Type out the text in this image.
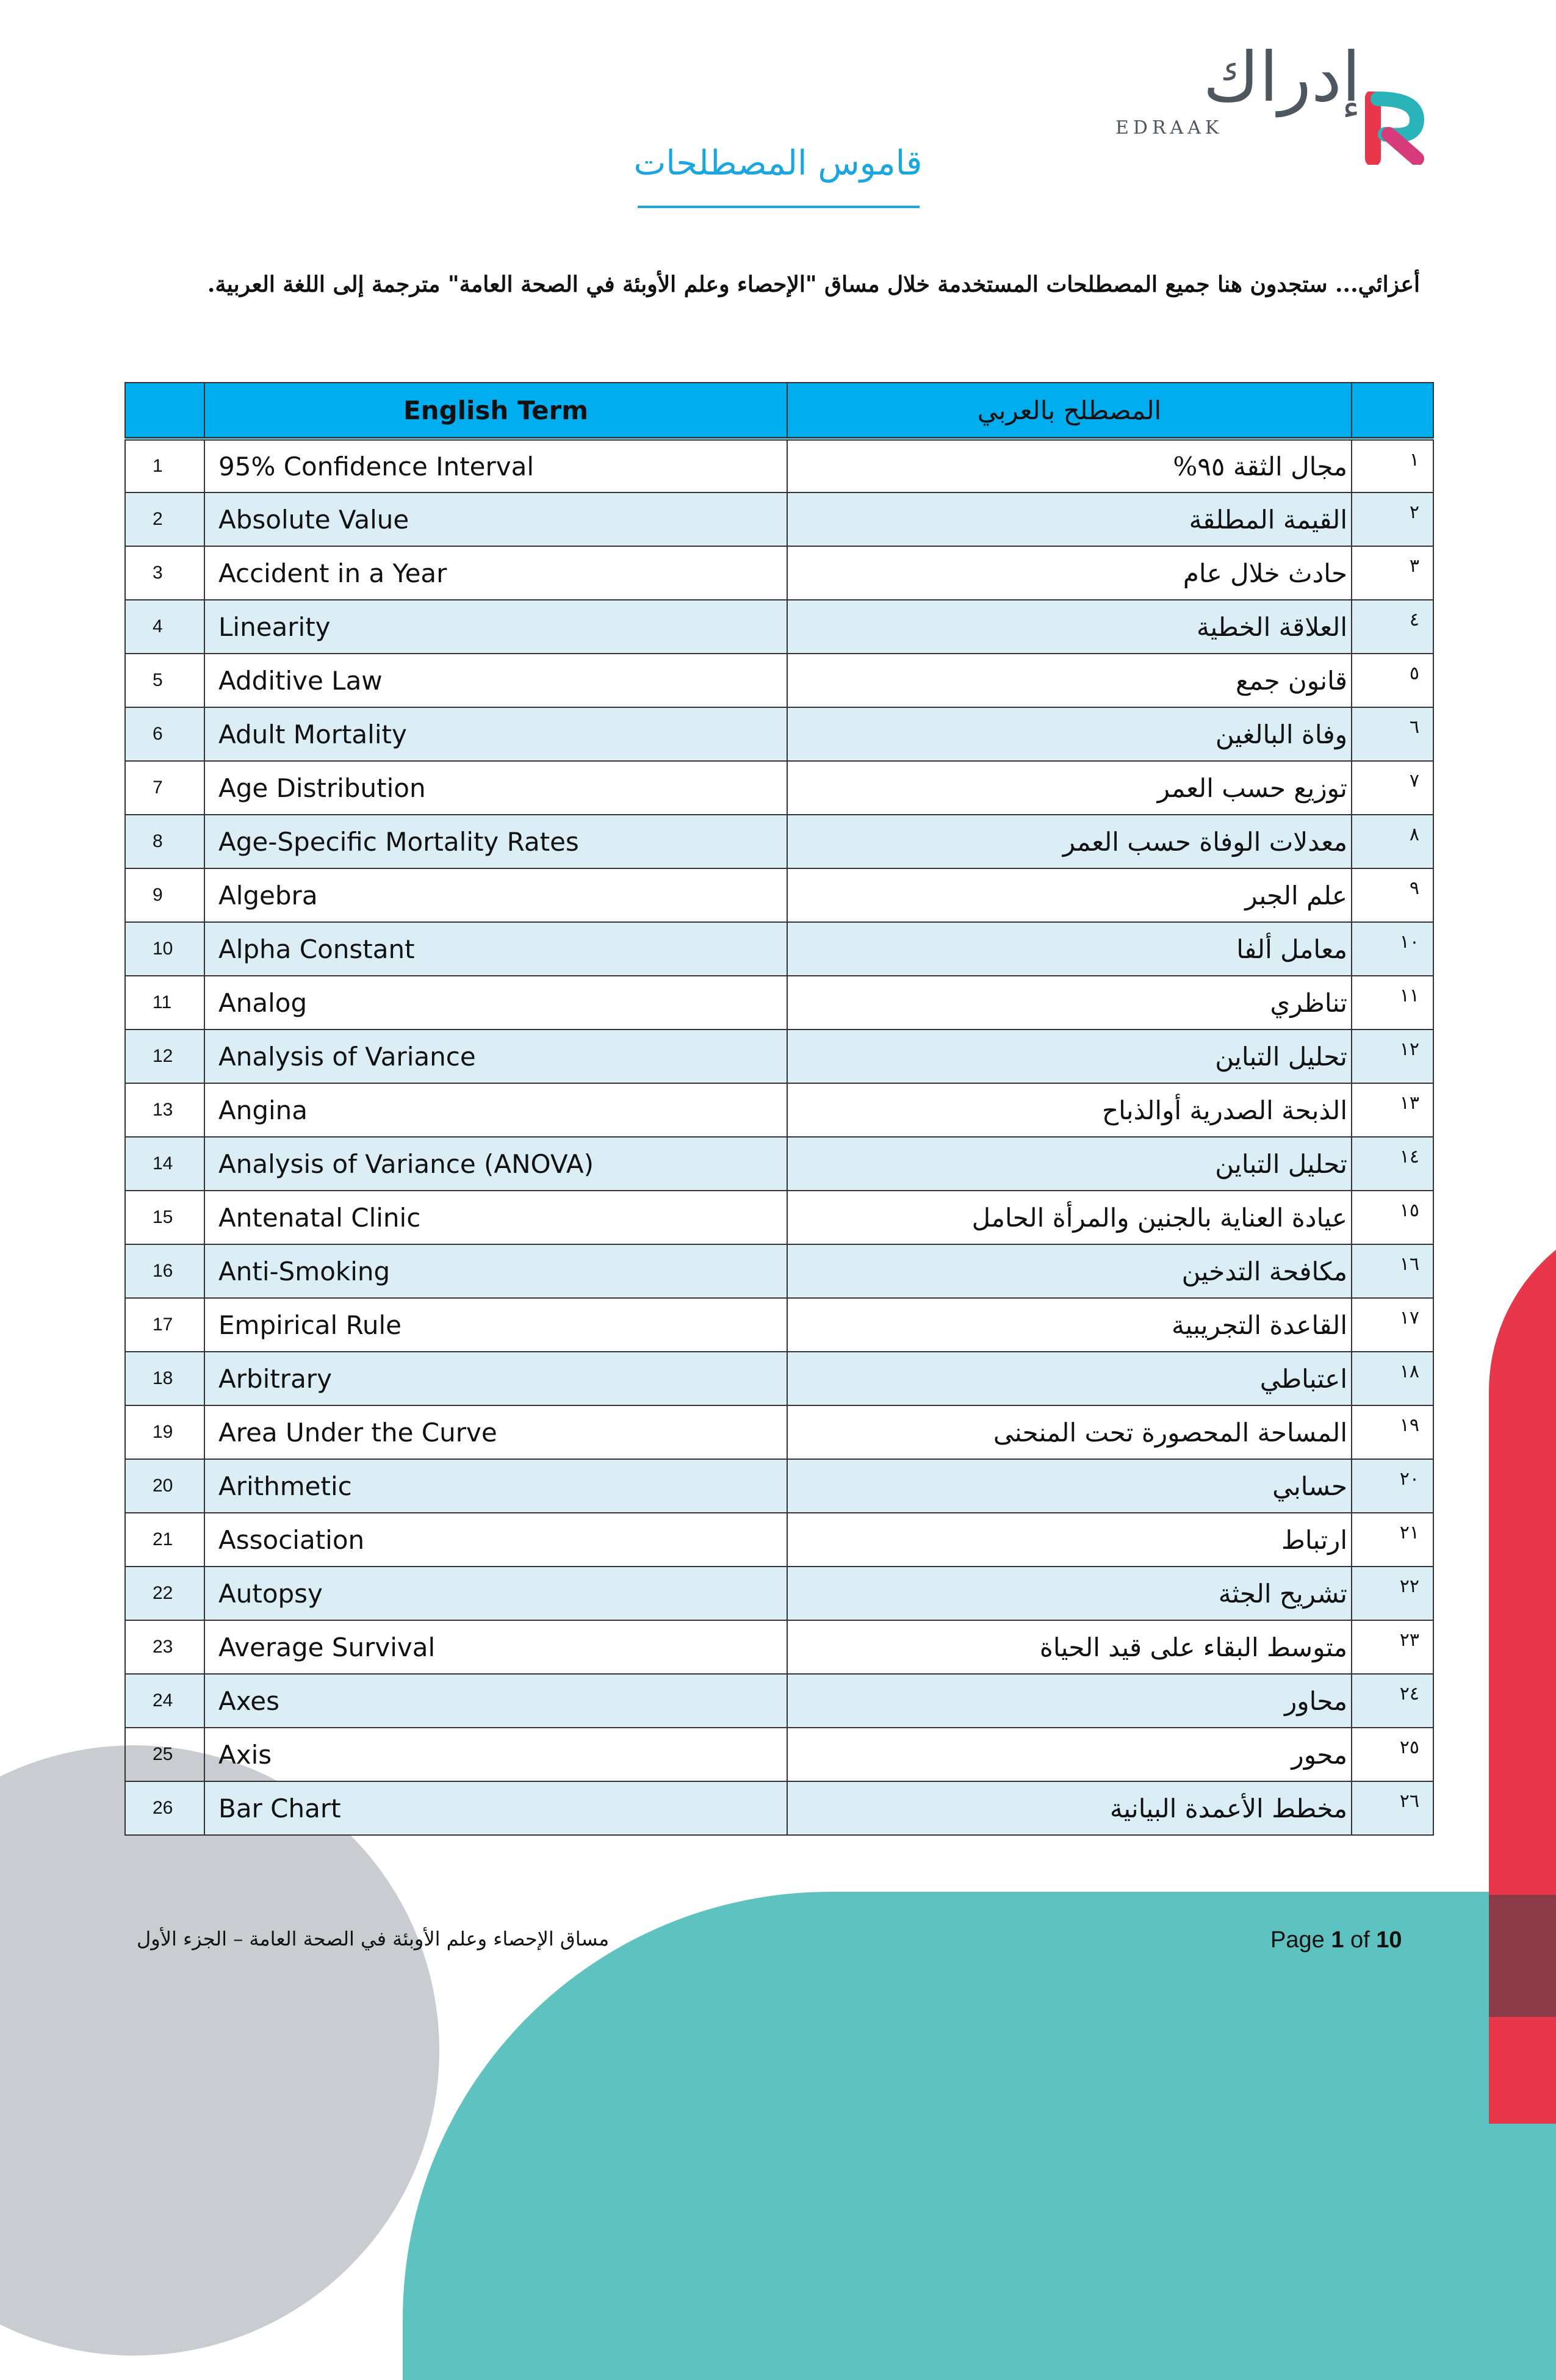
إدراك
EDRAAK
قاموس المصطلحات

أعزائي... ستجدون هنا جميع المصطلحات المستخدمة خلال مساق "الإحصاء وعلم الأوبئة في الصحة العامة" مترجمة إلى اللغة العربية.

	English Term	المصطلح بالعربي	
1	95% Confidence Interval	مجال الثقة ٩٥%	١
2	Absolute Value	القيمة المطلقة	٢
3	Accident in a Year	حادث خلال عام	٣
4	Linearity	العلاقة الخطية	٤
5	Additive Law	قانون جمع	٥
6	Adult Mortality	وفاة البالغين	٦
7	Age Distribution	توزيع حسب العمر	٧
8	Age-Specific Mortality Rates	معدلات الوفاة حسب العمر	٨
9	Algebra	علم الجبر	٩
10	Alpha Constant	معامل ألفا	١٠
11	Analog	تناظري	١١
12	Analysis of Variance	تحليل التباين	١٢
13	Angina	الذبحة الصدرية أوالذباح	١٣
14	Analysis of Variance (ANOVA)	تحليل التباين	١٤
15	Antenatal Clinic	عيادة العناية بالجنين والمرأة الحامل	١٥
16	Anti-Smoking	مكافحة التدخين	١٦
17	Empirical Rule	القاعدة التجريبية	١٧
18	Arbitrary	اعتباطي	١٨
19	Area Under the Curve	المساحة المحصورة تحت المنحنى	١٩
20	Arithmetic	حسابي	٢٠
21	Association	ارتباط	٢١
22	Autopsy	تشريح الجثة	٢٢
23	Average Survival	متوسط البقاء على قيد الحياة	٢٣
24	Axes	محاور	٢٤
25	Axis	محور	٢٥
26	Bar Chart	مخطط الأعمدة البيانية	٢٦
مساق الإحصاء وعلم الأوبئة في الصحة العامة – الجزء الأول	Page 1 of 10
